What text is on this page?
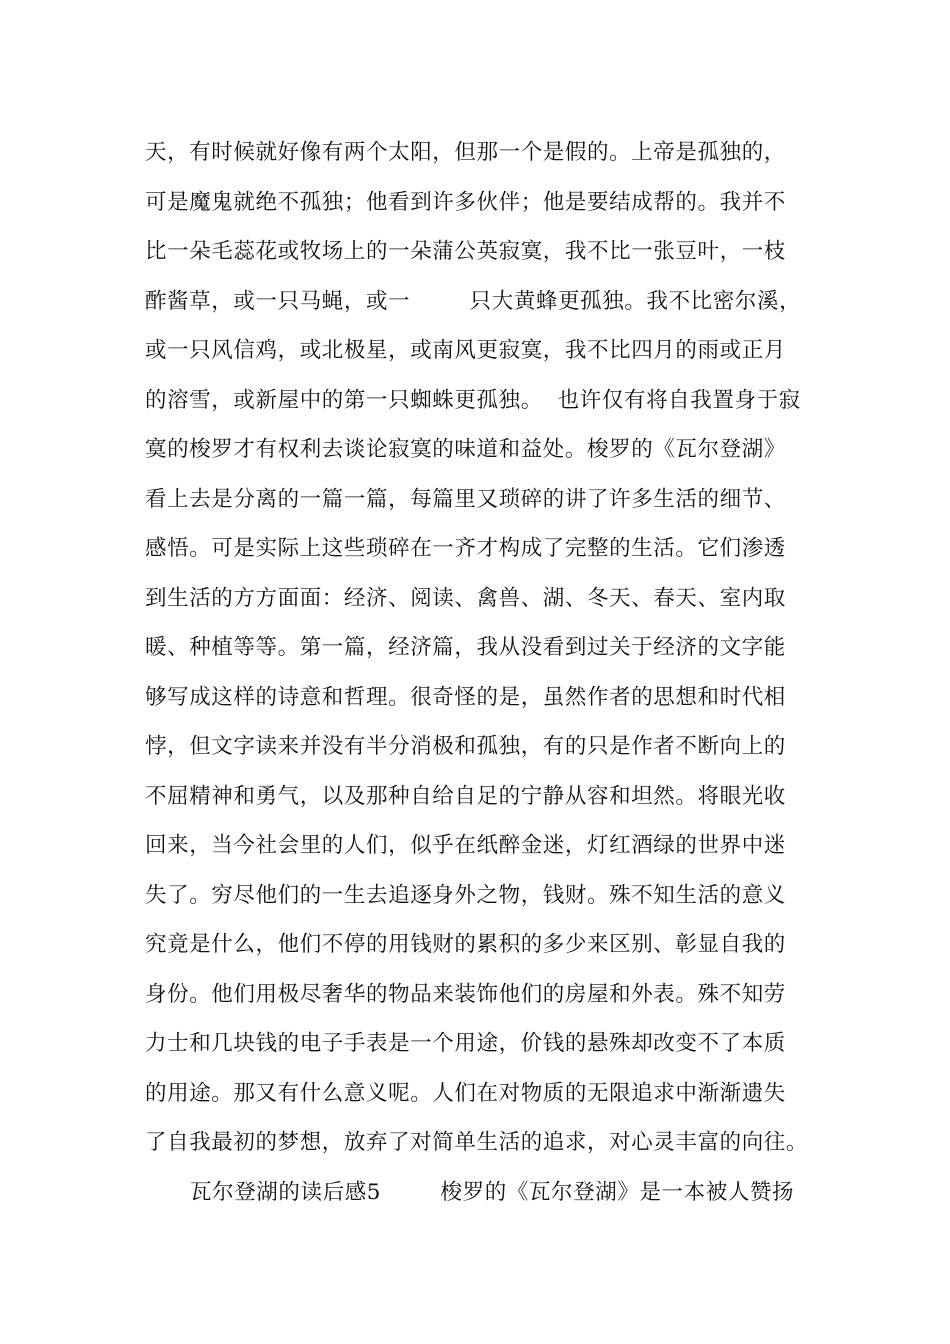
天，有时候就好像有两个太阳，但那一个是假的。上帝是孤独的，
可是魔鬼就绝不孤独；他看到许多伙伴；他是要结成帮的。我并不
比一朵毛蕊花或牧场上的一朵蒲公英寂寞，我不比一张豆叶，一枝
酢酱草，或一只马蝇，或一        只大黄蜂更孤独。我不比密尔溪，
或一只风信鸡，或北极星，或南风更寂寞，我不比四月的雨或正月
的溶雪，或新屋中的第一只蜘蛛更孤独。  也许仅有将自我置身于寂
寞的梭罗才有权利去谈论寂寞的味道和益处。梭罗的《瓦尔登湖》
看上去是分离的一篇一篇，每篇里又琐碎的讲了许多生活的细节、
感悟。可是实际上这些琐碎在一齐才构成了完整的生活。它们渗透
到生活的方方面面：经济、阅读、禽兽、湖、冬天、春天、室内取
暖、种植等等。第一篇，经济篇，我从没看到过关于经济的文字能
够写成这样的诗意和哲理。很奇怪的是，虽然作者的思想和时代相
悖，但文字读来并没有半分消极和孤独，有的只是作者不断向上的
不屈精神和勇气，以及那种自给自足的宁静从容和坦然。将眼光收
回来，当今社会里的人们，似乎在纸醉金迷，灯红酒绿的世界中迷
失了。穷尽他们的一生去追逐身外之物，钱财。殊不知生活的意义
究竟是什么，他们不停的用钱财的累积的多少来区别、彰显自我的
身份。他们用极尽奢华的物品来装饰他们的房屋和外表。殊不知劳
力士和几块钱的电子手表是一个用途，价钱的悬殊却改变不了本质
的用途。那又有什么意义呢。人们在对物质的无限追求中渐渐遗失
了自我最初的梦想，放弃了对简单生活的追求，对心灵丰富的向往。
瓦尔登湖的读后感5        梭罗的《瓦尔登湖》是一本被人赞扬
